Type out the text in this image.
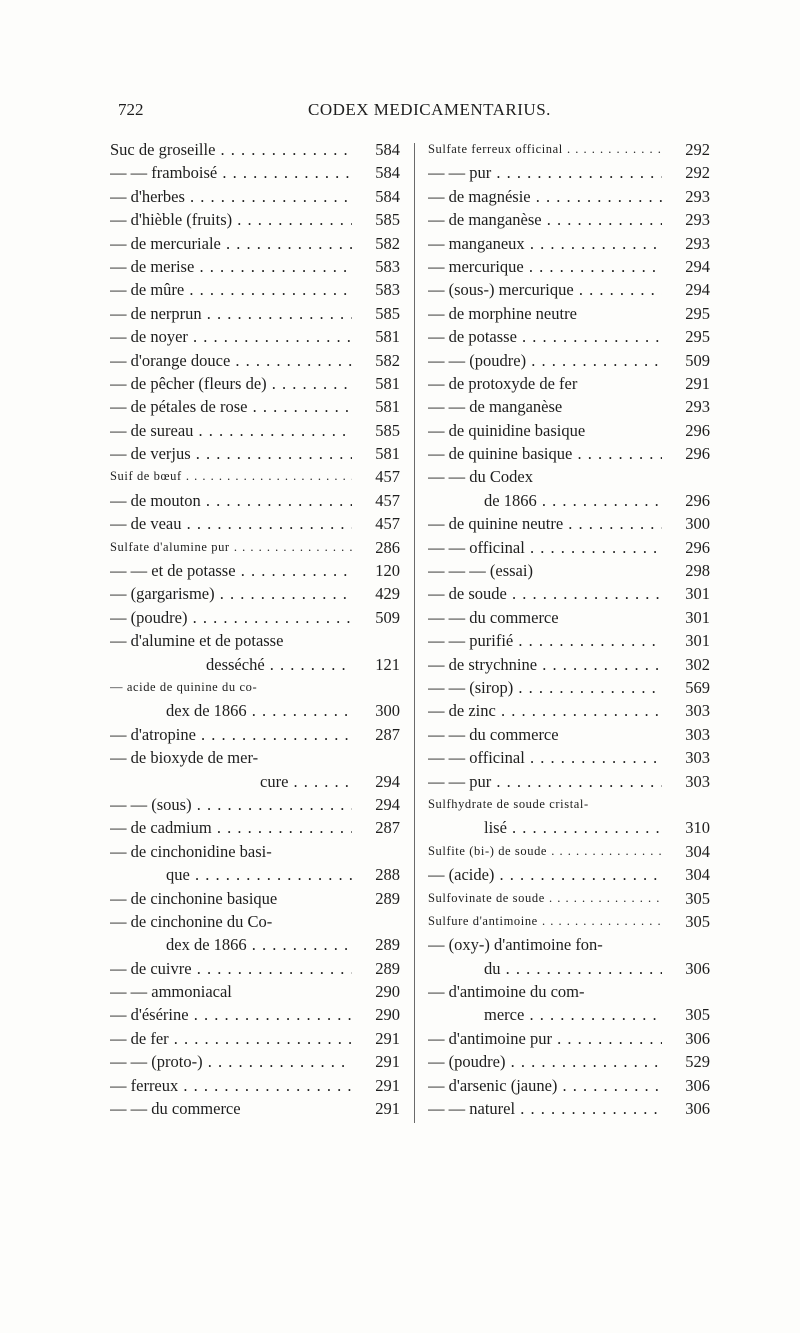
722	CODEX MEDICAMENTARIUS.
Suc de groseille . . .	584
— — framboisé . . .	584
— d'herbes . . .	584
— d'hièble (fruits) . . .	585
— de mercuriale . . .	582
— de merise . . .	583
— de mûre . . .	583
— de nerprun . . .	585
— de noyer . . .	581
— d'orange douce . . .	582
— de pêcher (fleurs de) . . .	581
— de pétales de rose . . .	581
— de sureau . . .	585
— de verjus . . .	581
Suif de bœuf . . .	457
— de mouton . . .	457
— de veau . . .	457
Sulfate d'alumine pur . . .	286
— — et de potasse . . .	120
— (gargarisme) . . .	429
— (poudre) . . .	509
— d'alumine et de potasse
desséché . . .	121
— acide de quinine du co-
dex de 1866 . . .	300
— d'atropine . . .	287
— de bioxyde de mer-
cure . . .	294
— — (sous) . . .	294
— de cadmium . . .	287
— de cinchonidine basi-
que . . .	288
— de cinchonine basique	289
— de cinchonine du Co-
dex de 1866 . . .	289
— de cuivre . . .	289
— — ammoniacal	290
— d'ésérine . . .	290
— de fer . . .	291
— — (proto-) . . .	291
— ferreux . . .	291
— — du commerce	291
Sulfate ferreux officinal . . .	292
— — pur . . .	292
— de magnésie . . .	293
— de manganèse . . .	293
— manganeux . . .	293
— mercurique . . .	294
— (sous-) mercurique . . .	294
— de morphine neutre	295
— de potasse . . .	295
— — (poudre) . . .	509
— de protoxyde de fer	291
— — de manganèse	293
— de quinidine basique	296
— de quinine basique . . .	296
— — du Codex
de 1866 . . .	296
— de quinine neutre . . .	300
— — officinal . . .	296
— — — (essai)	298
— de soude . . .	301
— — du commerce	301
— — purifié . . .	301
— de strychnine . . .	302
— — (sirop) . . .	569
— de zinc . . .	303
— — du commerce	303
— — officinal . . .	303
— — pur . . .	303
Sulfhydrate de soude cristal-
lisé . . .	310
Sulfite (bi-) de soude . . .	304
— (acide) . . .	304
Sulfovinate de soude . . .	305
Sulfure d'antimoine . . .	305
— (oxy-) d'antimoine fon-
du . . .	306
— d'antimoine du com-
merce . . .	305
— d'antimoine pur . . .	306
— (poudre) . . .	529
— d'arsenic (jaune) . . .	306
— — naturel . . .	306
